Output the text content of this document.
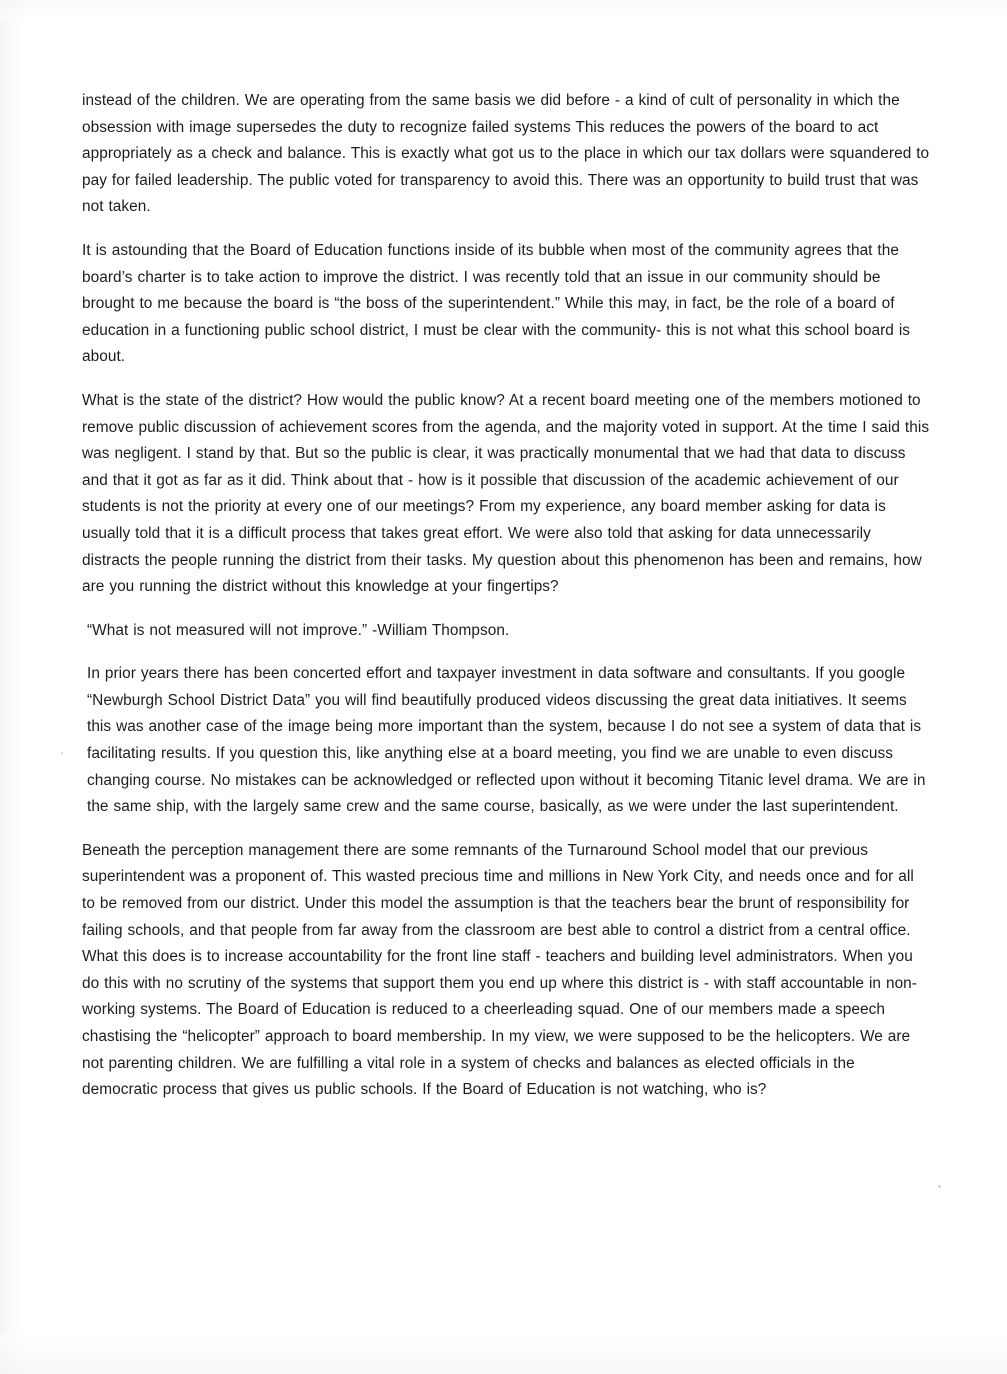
instead of the children. We are operating from the same basis we did before - a kind of cult of personality in which the obsession with image supersedes the duty to recognize failed systems This reduces the powers of the board to act appropriately as a check and balance. This is exactly what got us to the place in which our tax dollars were squandered to pay for failed leadership. The public voted for transparency to avoid this. There was an opportunity to build trust that was not taken.

It is astounding that the Board of Education functions inside of its bubble when most of the community agrees that the board’s charter is to take action to improve the district. I was recently told that an issue in our community should be brought to me because the board is “the boss of the superintendent.” While this may, in fact, be the role of a board of education in a functioning public school district, I must be clear with the community- this is not what this school board is about.

What is the state of the district? How would the public know? At a recent board meeting one of the members motioned to remove public discussion of achievement scores from the agenda, and the majority voted in support. At the time I said this was negligent. I stand by that. But so the public is clear, it was practically monumental that we had that data to discuss and that it got as far as it did. Think about that - how is it possible that discussion of the academic achievement of our students is not the priority at every one of our meetings? From my experience, any board member asking for data is usually told that it is a difficult process that takes great effort. We were also told that asking for data unnecessarily distracts the people running the district from their tasks. My question about this phenomenon has been and remains, how are you running the district without this knowledge at your fingertips?

“What is not measured will not improve.” -William Thompson.

In prior years there has been concerted effort and taxpayer investment in data software and consultants. If you google “Newburgh School District Data” you will find beautifully produced videos discussing the great data initiatives. It seems this was another case of the image being more important than the system, because I do not see a system of data that is facilitating results. If you question this, like anything else at a board meeting, you find we are unable to even discuss changing course. No mistakes can be acknowledged or reflected upon without it becoming Titanic level drama. We are in the same ship, with the largely same crew and the same course, basically, as we were under the last superintendent.

Beneath the perception management there are some remnants of the Turnaround School model that our previous superintendent was a proponent of. This wasted precious time and millions in New York City, and needs once and for all to be removed from our district. Under this model the assumption is that the teachers bear the brunt of responsibility for failing schools, and that people from far away from the classroom are best able to control a district from a central office. What this does is to increase accountability for the front line staff - teachers and building level administrators. When you do this with no scrutiny of the systems that support them you end up where this district is - with staff accountable in non-working systems. The Board of Education is reduced to a cheerleading squad. One of our members made a speech chastising the “helicopter” approach to board membership. In my view, we were supposed to be the helicopters. We are not parenting children. We are fulfilling a vital role in a system of checks and balances as elected officials in the democratic process that gives us public schools. If the Board of Education is not watching, who is?
